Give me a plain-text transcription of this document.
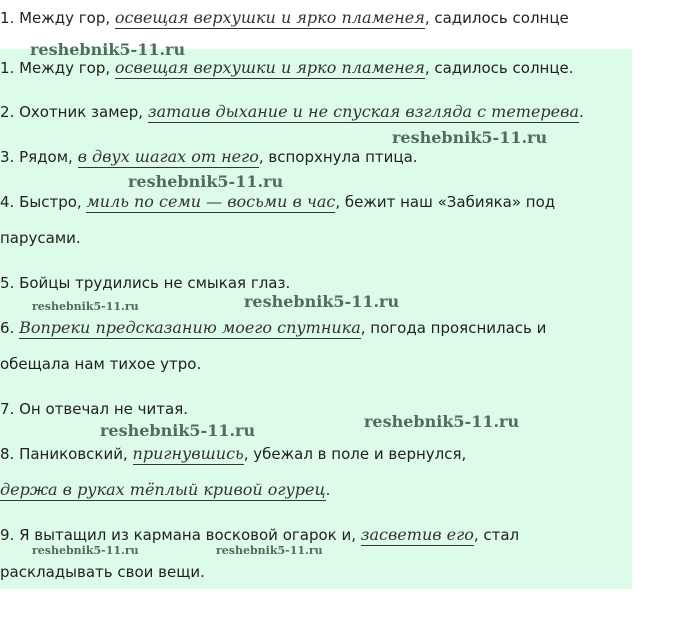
1. Между гор, освещая верхушки и ярко пламенея, садилось солнце
1. Между гор, освещая верхушки и ярко пламенея, садилось солнце.
2. Охотник замер, затаив дыхание и не спуская взгляда с тетерева.
3. Рядом, в двух шагах от него, вспорхнула птица.
4. Быстро, миль по семи — восьми в час, бежит наш «Забияка» под
парусами.
5. Бойцы трудились не смыкая глаз.
6. Вопреки предсказанию моего спутника, погода прояснилась и
обещала нам тихое утро.
7. Он отвечал не читая.
8. Паниковский, пригнувшись, убежал в поле и вернулся,
держа в руках тёплый кривой огурец.
9. Я вытащил из кармана восковой огарок и, засветив его, стал
раскладывать свои вещи.
reshebnik5-11.ru
reshebnik5-11.ru
reshebnik5-11.ru
reshebnik5-11.ru
reshebnik5-11.ru
reshebnik5-11.ru
reshebnik5-11.ru
reshebnik5-11.ru	reshebnik5-11.ru
